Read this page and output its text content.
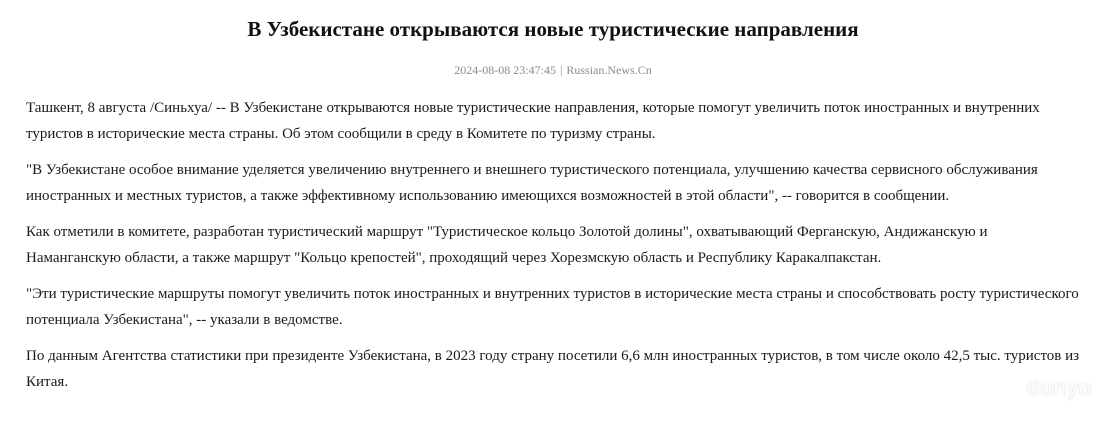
В Узбекистане открываются новые туристические направления
2024-08-08 23:47:45 | Russian.News.Cn

Ташкент, 8 августа /Синьхуа/ -- В Узбекистане открываются новые туристические направления, которые помогут увеличить поток иностранных и внутренних туристов в исторические места страны. Об этом сообщили в среду в Комитете по туризму страны.

"В Узбекистане особое внимание уделяется увеличению внутреннего и внешнего туристического потенциала, улучшению качества сервисного обслуживания иностранных и местных туристов, а также эффективному использованию имеющихся возможностей в этой области", -- говорится в сообщении.

Как отметили в комитете, разработан туристический маршрут "Туристическое кольцо Золотой долины", охватывающий Ферганскую, Андижанскую и Наманганскую области, а также маршрут "Кольцо крепостей", проходящий через Хорезмскую область и Республику Каракалпакстан.

"Эти туристические маршруты помогут увеличить поток иностранных и внутренних туристов в исторические места страны и способствовать росту туристического потенциала Узбекистана", -- указали в ведомстве.

По данным Агентства статистики при президенте Узбекистана, в 2023 году страну посетили 6,6 млн иностранных туристов, в том числе около 42,5 тыс. туристов из Китая.	dunyo
